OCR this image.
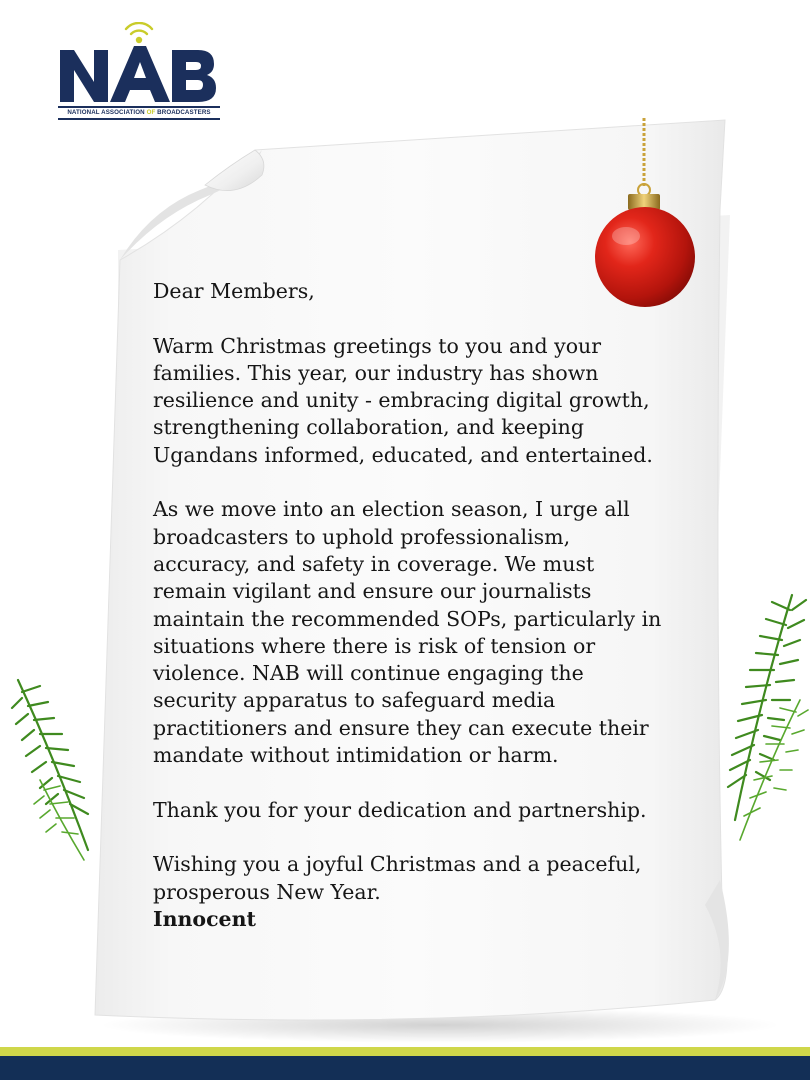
NATIONAL ASSOCIATION OF BROADCASTERS

Dear Members,

Warm Christmas greetings to you and your families. This year, our industry has shown resilience and unity - embracing digital growth, strengthening collaboration, and keeping Ugandans informed, educated, and entertained.

As we move into an election season, I urge all broadcasters to uphold professionalism, accuracy, and safety in coverage. We must remain vigilant and ensure our journalists maintain the recommended SOPs, particularly in situations where there is risk of tension or violence. NAB will continue engaging the security apparatus to safeguard media practitioners and ensure they can execute their mandate without intimidation or harm.

Thank you for your dedication and partnership.

Wishing you a joyful Christmas and a peaceful, prosperous New Year.

Innocent
